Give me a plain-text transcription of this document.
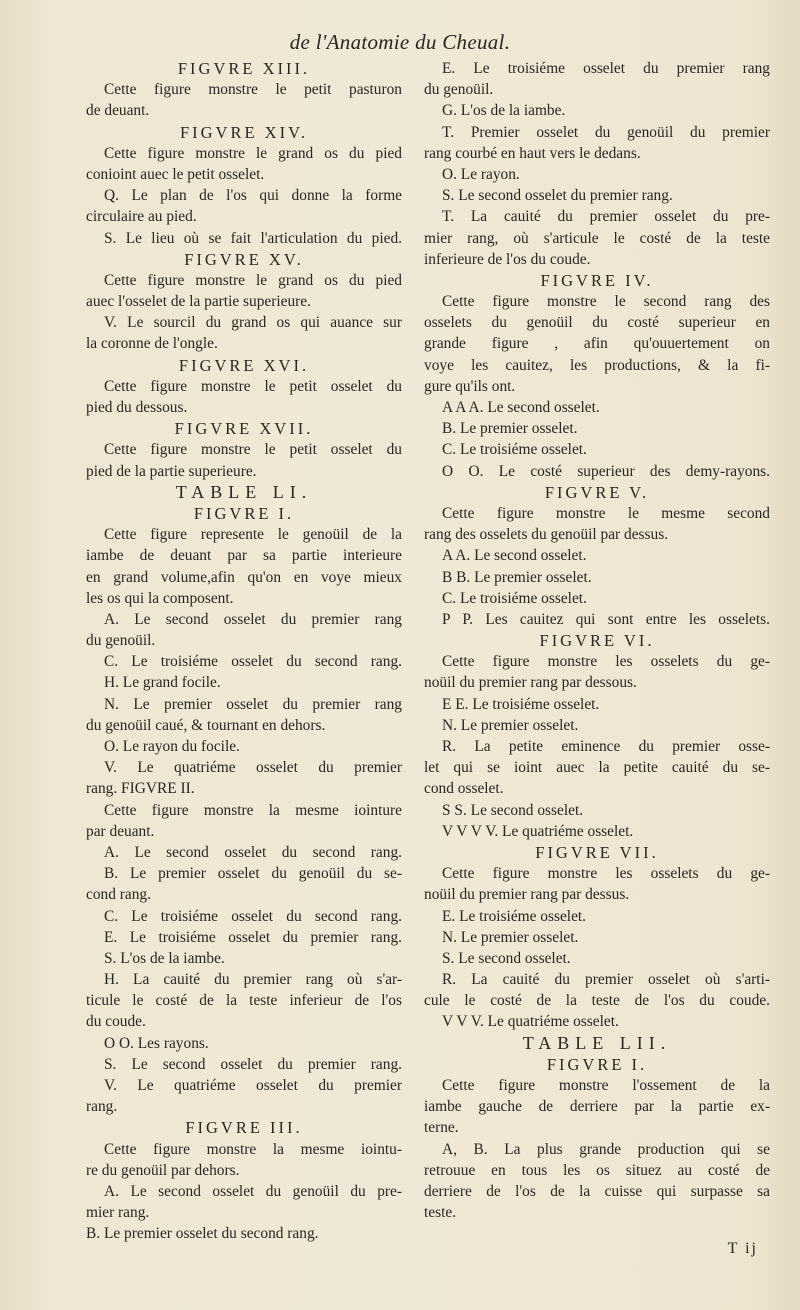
de l'Anatomie du Cheual.
FIGVRE XIII.
Cette figure monstre le petit pasturon
de deuant.
FIGVRE XIV.
Cette figure monstre le grand os du pied
conioint auec le petit osselet.
Q. Le plan de l'os qui donne la forme
circulaire au pied.
S. Le lieu où se fait l'articulation du pied.
FIGVRE XV.
Cette figure monstre le grand os du pied
auec l'osselet de la partie superieure.
V. Le sourcil du grand os qui auance sur
la coronne de l'ongle.
FIGVRE XVI.
Cette figure monstre le petit osselet du
pied du dessous.
FIGVRE XVII.
Cette figure monstre le petit osselet du
pied de la partie superieure.
TABLE LI.
FIGVRE I.
Cette figure represente le genoüil de la
iambe de deuant par sa partie interieure
en grand volume,afin qu'on en voye mieux
les os qui la composent.
A. Le second osselet du premier rang
du genoüil.
C. Le troisiéme osselet du second rang.
H. Le grand focile.
N. Le premier osselet du premier rang
du genoüil caué, & tournant en dehors.
O. Le rayon du focile.
V. Le quatriéme osselet du premier
rang. FIGVRE II.
Cette figure monstre la mesme iointure
par deuant.
A. Le second osselet du second rang.
B. Le premier osselet du genoüil du se-
cond rang.
C. Le troisiéme osselet du second rang.
E. Le troisiéme osselet du premier rang.
S. L'os de la iambe.
H. La cauité du premier rang où s'ar-
ticule le costé de la teste inferieur de l'os
du coude.
O O. Les rayons.
S. Le second osselet du premier rang.
V. Le quatriéme osselet du premier
rang.
FIGVRE III.
Cette figure monstre la mesme iointu-
re du genoüil par dehors.
A. Le second osselet du genoüil du pre-
mier rang.
B. Le premier osselet du second rang.
E. Le troisiéme osselet du premier rang
du genoüil.
G. L'os de la iambe.
T. Premier osselet du genoüil du premier
rang courbé en haut vers le dedans.
O. Le rayon.
S. Le second osselet du premier rang.
T. La cauité du premier osselet du pre-
mier rang, où s'articule le costé de la teste
inferieure de l'os du coude.
FIGVRE IV.
Cette figure monstre le second rang des
osselets du genoüil du costé superieur en
grande figure , afin qu'ouuertement on
voye les cauitez, les productions, & la fi-
gure qu'ils ont.
A A A. Le second osselet.
B. Le premier osselet.
C. Le troisiéme osselet.
O O. Le costé superieur des demy-rayons.
FIGVRE V.
Cette figure monstre le mesme second
rang des osselets du genoüil par dessus.
A A. Le second osselet.
B B. Le premier osselet.
C. Le troisiéme osselet.
P P. Les cauitez qui sont entre les osselets.
FIGVRE VI.
Cette figure monstre les osselets du ge-
noüil du premier rang par dessous.
E E. Le troisiéme osselet.
N. Le premier osselet.
R. La petite eminence du premier osse-
let qui se ioint auec la petite cauité du se-
cond osselet.
S S. Le second osselet.
V V V V. Le quatriéme osselet.
FIGVRE VII.
Cette figure monstre les osselets du ge-
noüil du premier rang par dessus.
E. Le troisiéme osselet.
N. Le premier osselet.
S. Le second osselet.
R. La cauité du premier osselet où s'arti-
cule le costé de la teste de l'os du coude.
V V V. Le quatriéme osselet.
TABLE LII.
FIGVRE I.
Cette figure monstre l'ossement de la
iambe gauche de derriere par la partie ex-
terne.
A, B. La plus grande production qui se
retrouue en tous les os situez au costé de
derriere de l'os de la cuisse qui surpasse sa
teste.
T ij
